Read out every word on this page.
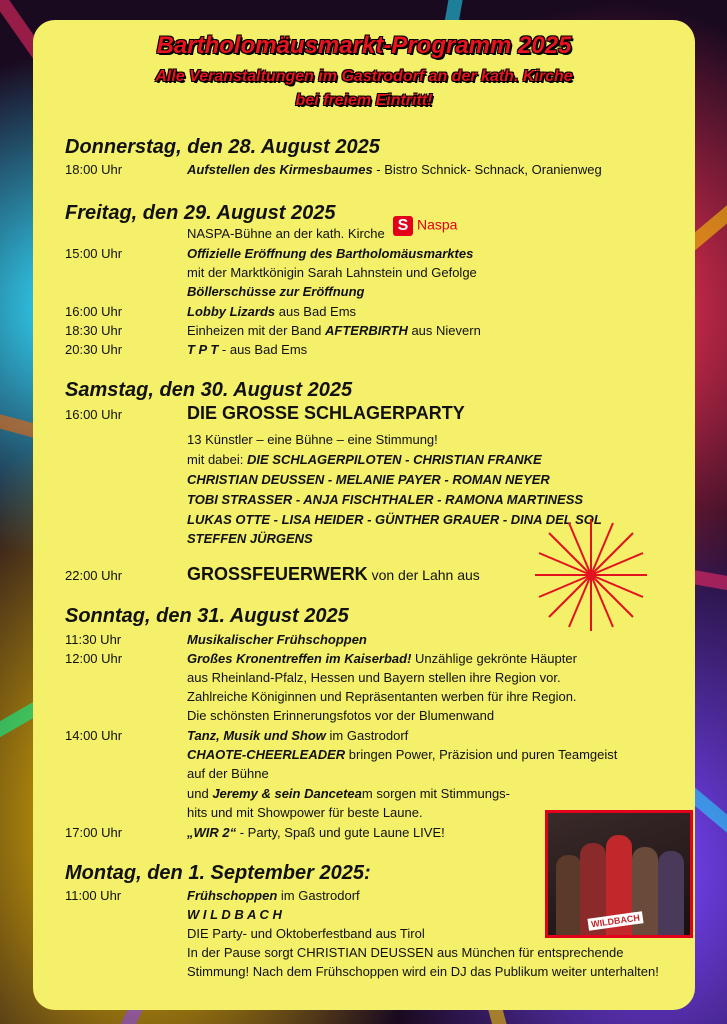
Bartholomäusmarkt-Programm 2025
Alle Veranstaltungen im Gastrodorf an der kath. Kirche
bei freiem Eintritt!
Donnerstag, den 28. August 2025
18:00 Uhr	Aufstellen des Kirmesbaumes - Bistro Schnick- Schnack, Oranienweg
Freitag, den 29. August 2025
NASPA-Bühne an der kath. Kirche S Naspa
15:00 Uhr	Offizielle Eröffnung des Bartholomäusmarktes
mit der Marktkönigin Sarah Lahnstein und Gefolge
Böllerschüsse zur Eröffnung
16:00 Uhr	Lobby Lizards aus Bad Ems
18:30 Uhr	Einheizen mit der Band AFTERBIRTH aus Nievern
20:30 Uhr	T P T - aus Bad Ems
Samstag, den 30. August 2025
16:00 Uhr	DIE GROSSE SCHLAGERPARTY
13 Künstler – eine Bühne – eine Stimmung!
mit dabei: DIE SCHLAGERPILOTEN - CHRISTIAN FRANKE
CHRISTIAN DEUSSEN - MELANIE PAYER - ROMAN NEYER
TOBI STRASSER - ANJA FISCHTHALER - RAMONA MARTINESS
LUKAS OTTE - LISA HEIDER - GÜNTHER GRAUER - DINA DEL SOL
STEFFEN JÜRGENS
22:00 Uhr	GROSSFEUERWERK von der Lahn aus
Sonntag, den 31. August 2025
11:30 Uhr	Musikalischer Frühschoppen
12:00 Uhr	Großes Kronentreffen im Kaiserbad! Unzählige gekrönte Häupter
aus Rheinland-Pfalz, Hessen und Bayern stellen ihre Region vor.
Zahlreiche Königinnen und Repräsentanten werben für ihre Region.
Die schönsten Erinnerungsfotos vor der Blumenwand
14:00 Uhr	Tanz, Musik und Show im Gastrodorf
CHAOTE-CHEERLEADER bringen Power, Präzision und puren Teamgeist
auf der Bühne
und Jeremy & sein Danceteam sorgen mit Stimmungs-
hits und mit Showpower für beste Laune.
17:00 Uhr	„WIR 2“ - Party, Spaß und gute Laune LIVE!
WILDBACH
Montag, den 1. September 2025:
11:00 Uhr	Frühschoppen im Gastrodorf
W I L D B A C H
DIE Party- und Oktoberfestband aus Tirol
In der Pause sorgt CHRISTIAN DEUSSEN aus München für entsprechende
Stimmung! Nach dem Frühschoppen wird ein DJ das Publikum weiter unterhalten!
